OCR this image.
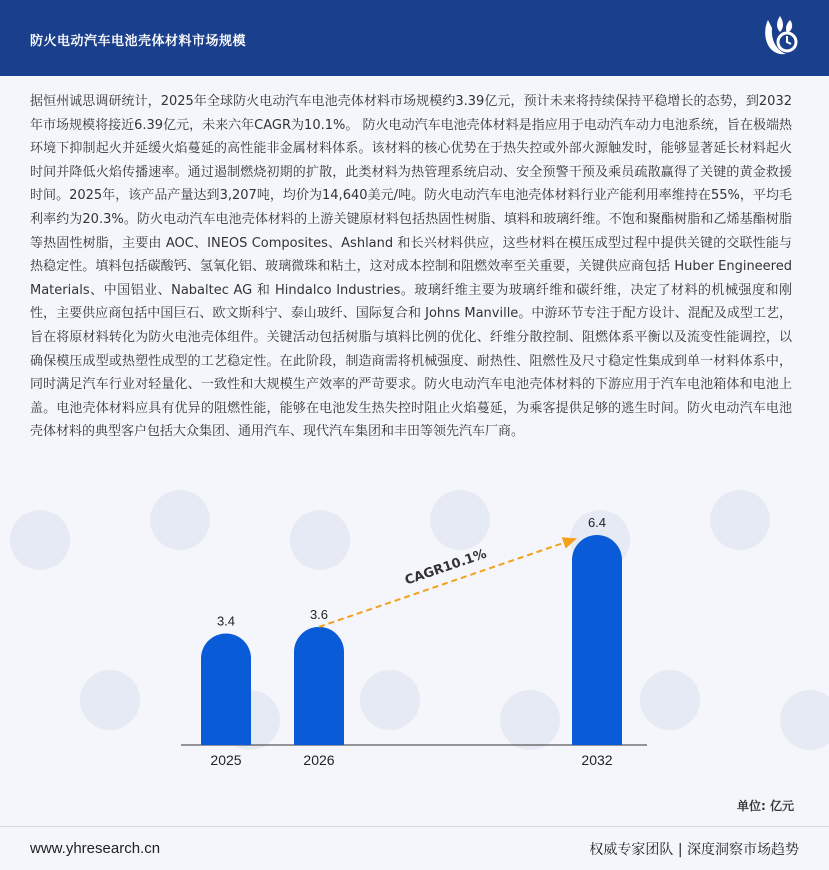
防火电动汽车电池壳体材料市场规模
据恒州诚思调研统计，2025年全球防火电动汽车电池壳体材料市场规模约3.39亿元，预计未来将持续保持平稳增长的态势，到2032年市场规模将接近6.39亿元，未来六年CAGR为10.1%。 防火电动汽车电池壳体材料是指应用于电动汽车动力电池系统，旨在极端热环境下抑制起火并延缓火焰蔓延的高性能非金属材料体系。该材料的核心优势在于热失控或外部火源触发时，能够显著延长材料起火时间并降低火焰传播速率。通过遏制燃烧初期的扩散，此类材料为热管理系统启动、安全预警干预及乘员疏散赢得了关键的黄金救援时间。2025年，该产品产量达到3,207吨，均价为14,640美元/吨。防火电动汽车电池壳体材料行业产能利用率维持在55%，平均毛利率约为20.3%。防火电动汽车电池壳体材料的上游关键原材料包括热固性树脂、填料和玻璃纤维。不饱和聚酯树脂和乙烯基酯树脂等热固性树脂，主要由 AOC、INEOS Composites、Ashland 和长兴材料供应，这些材料在模压成型过程中提供关键的交联性能与热稳定性。填料包括碳酸钙、氢氧化铝、玻璃微珠和粘土，这对成本控制和阻燃效率至关重要，关键供应商包括 Huber Engineered Materials、中国铝业、Nabaltec AG 和 Hindalco Industries。玻璃纤维主要为玻璃纤维和碳纤维，决定了材料的机械强度和刚性，主要供应商包括中国巨石、欧文斯科宁、泰山玻纤、国际复合和 Johns Manville。中游环节专注于配方设计、混配及成型工艺，旨在将原材料转化为防火电池壳体组件。关键活动包括树脂与填料比例的优化、纤维分散控制、阻燃体系平衡以及流变性能调控，以确保模压成型或热塑性成型的工艺稳定性。在此阶段，制造商需将机械强度、耐热性、阻燃性及尺寸稳定性集成到单一材料体系中，同时满足汽车行业对轻量化、一致性和大规模生产效率的严苛要求。防火电动汽车电池壳体材料的下游应用于汽车电池箱体和电池上盖。电池壳体材料应具有优异的阻燃性能，能够在电池发生热失控时阻止火焰蔓延，为乘客提供足够的逃生时间。防火电动汽车电池壳体材料的典型客户包括大众集团、通用汽车、现代汽车集团和丰田等领先汽车厂商。
3.4
2025
3.6
2026
6.4
2032
CAGR10.1%
单位: 亿元
www.yhresearch.cn	权威专家团队 | 深度洞察市场趋势
